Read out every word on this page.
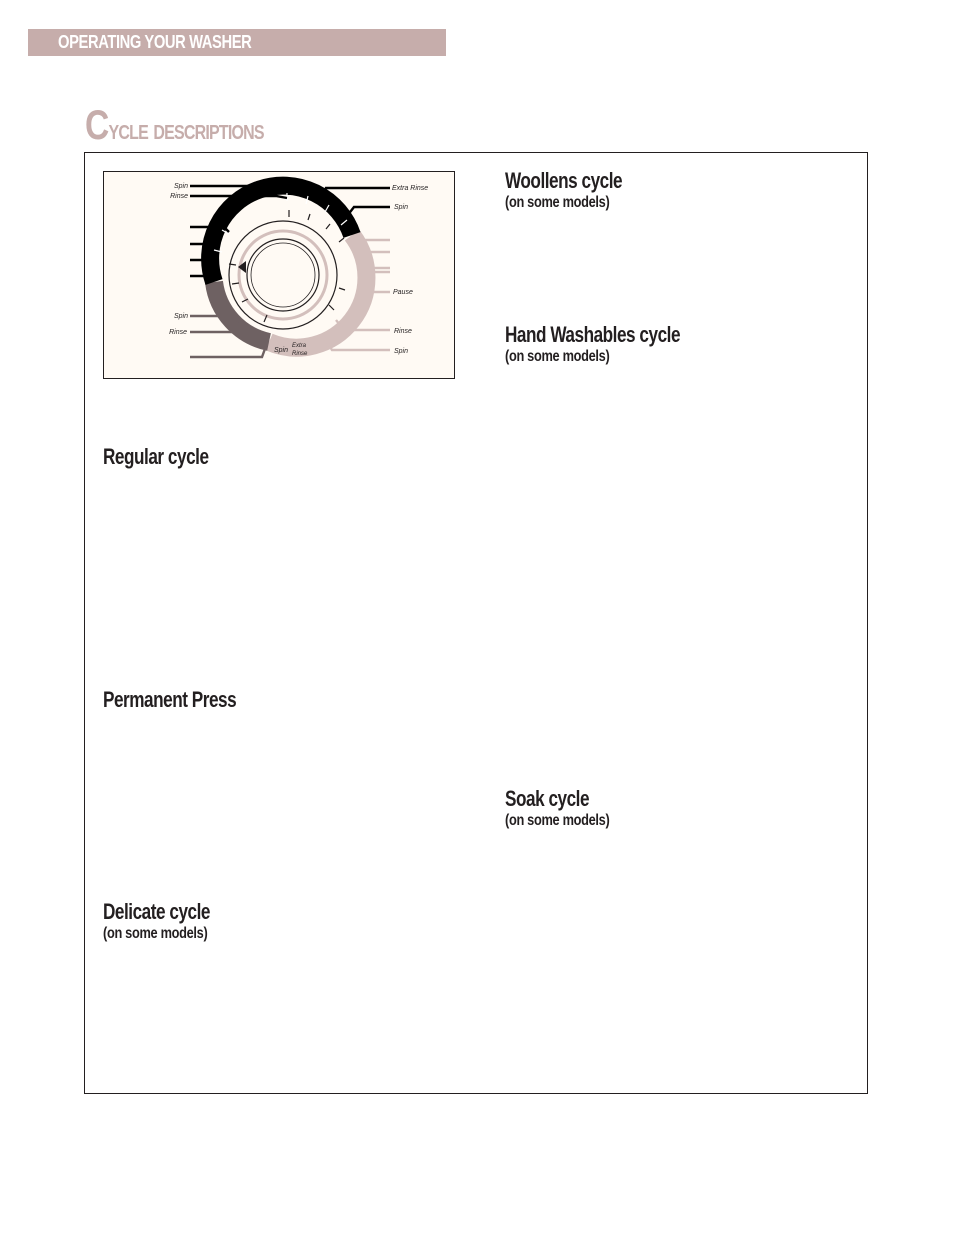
OPERATING YOUR WASHER
Cycle descriptions
Spin
Rinse
Extra Rinse
Spin
Pause
Spin
Rinse
Spin
Extra
Rinse
Rinse
Spin
Woollens cycle
(on some models)
Hand Washables cycle
(on some models)
Regular cycle
Permanent Press
Soak cycle
(on some models)
Delicate cycle
(on some models)
